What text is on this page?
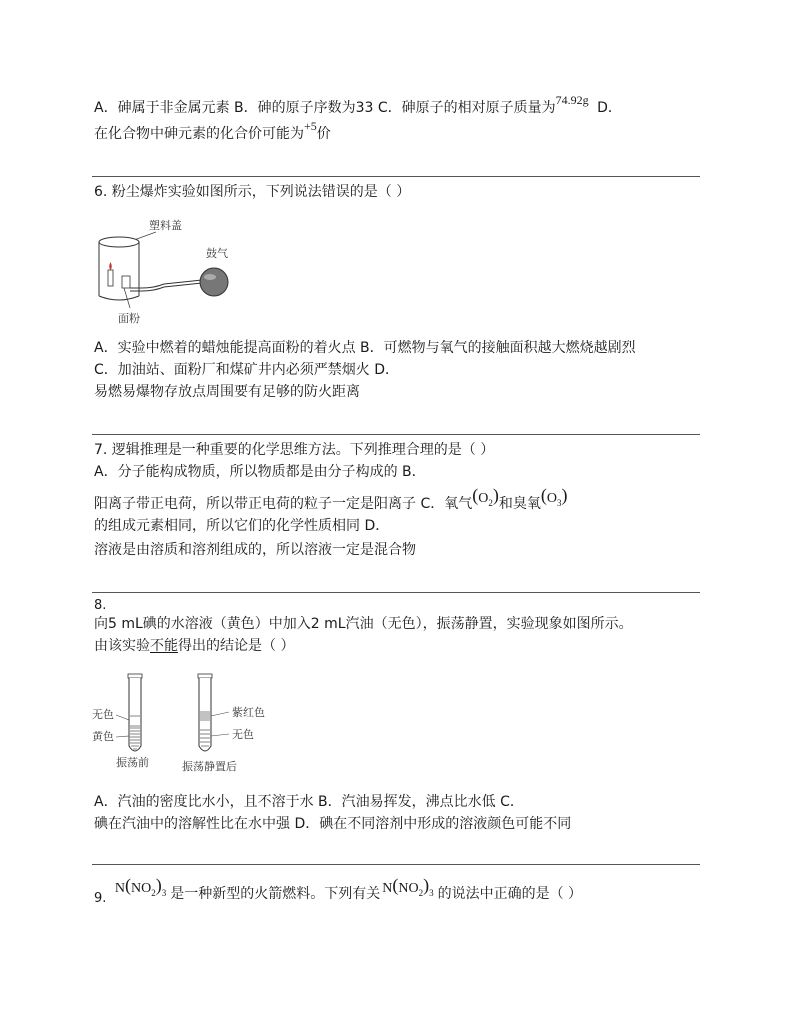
A．砷属于非金属元素 B．砷的原子序数为33 C．砷原子的相对原子质量为74.92g D．
在化合物中砷元素的化合价可能为+5价
6. 粉尘爆炸实验如图所示，下列说法错误的是（ ）
塑料盖
鼓气
面粉
A．实验中燃着的蜡烛能提高面粉的着火点 B．可燃物与氧气的接触面积越大燃烧越剧烈
C．加油站、面粉厂和煤矿井内必须严禁烟火 D．
易燃易爆物存放点周围要有足够的防火距离
7. 逻辑推理是一种重要的化学思维方法。下列推理合理的是（ ）
A．分子能构成物质，所以物质都是由分子构成的 B．
阳离子带正电荷，所以带正电荷的粒子一定是阳离子 C．氧气$(O_2)$和臭氧$(O_3)$
的组成元素相同，所以它们的化学性质相同 D．
溶液是由溶质和溶剂组成的，所以溶液一定是混合物
8.
向5 mL碘的水溶液（黄色）中加入2 mL汽油（无色），振荡静置，实验现象如图所示。
由该实验不能得出的结论是（ ）
无色
黄色
振荡前
紫红色
无色
振荡静置后
A．汽油的密度比水小，且不溶于水 B．汽油易挥发，沸点比水低 C．
碘在汽油中的溶解性比在水中强 D．碘在不同溶剂中形成的溶液颜色可能不同
9. $N(NO_2)_3$ 是一种新型的火箭燃料。下列有关 $N(NO_2)_3$ 的说法中正确的是（ ）
